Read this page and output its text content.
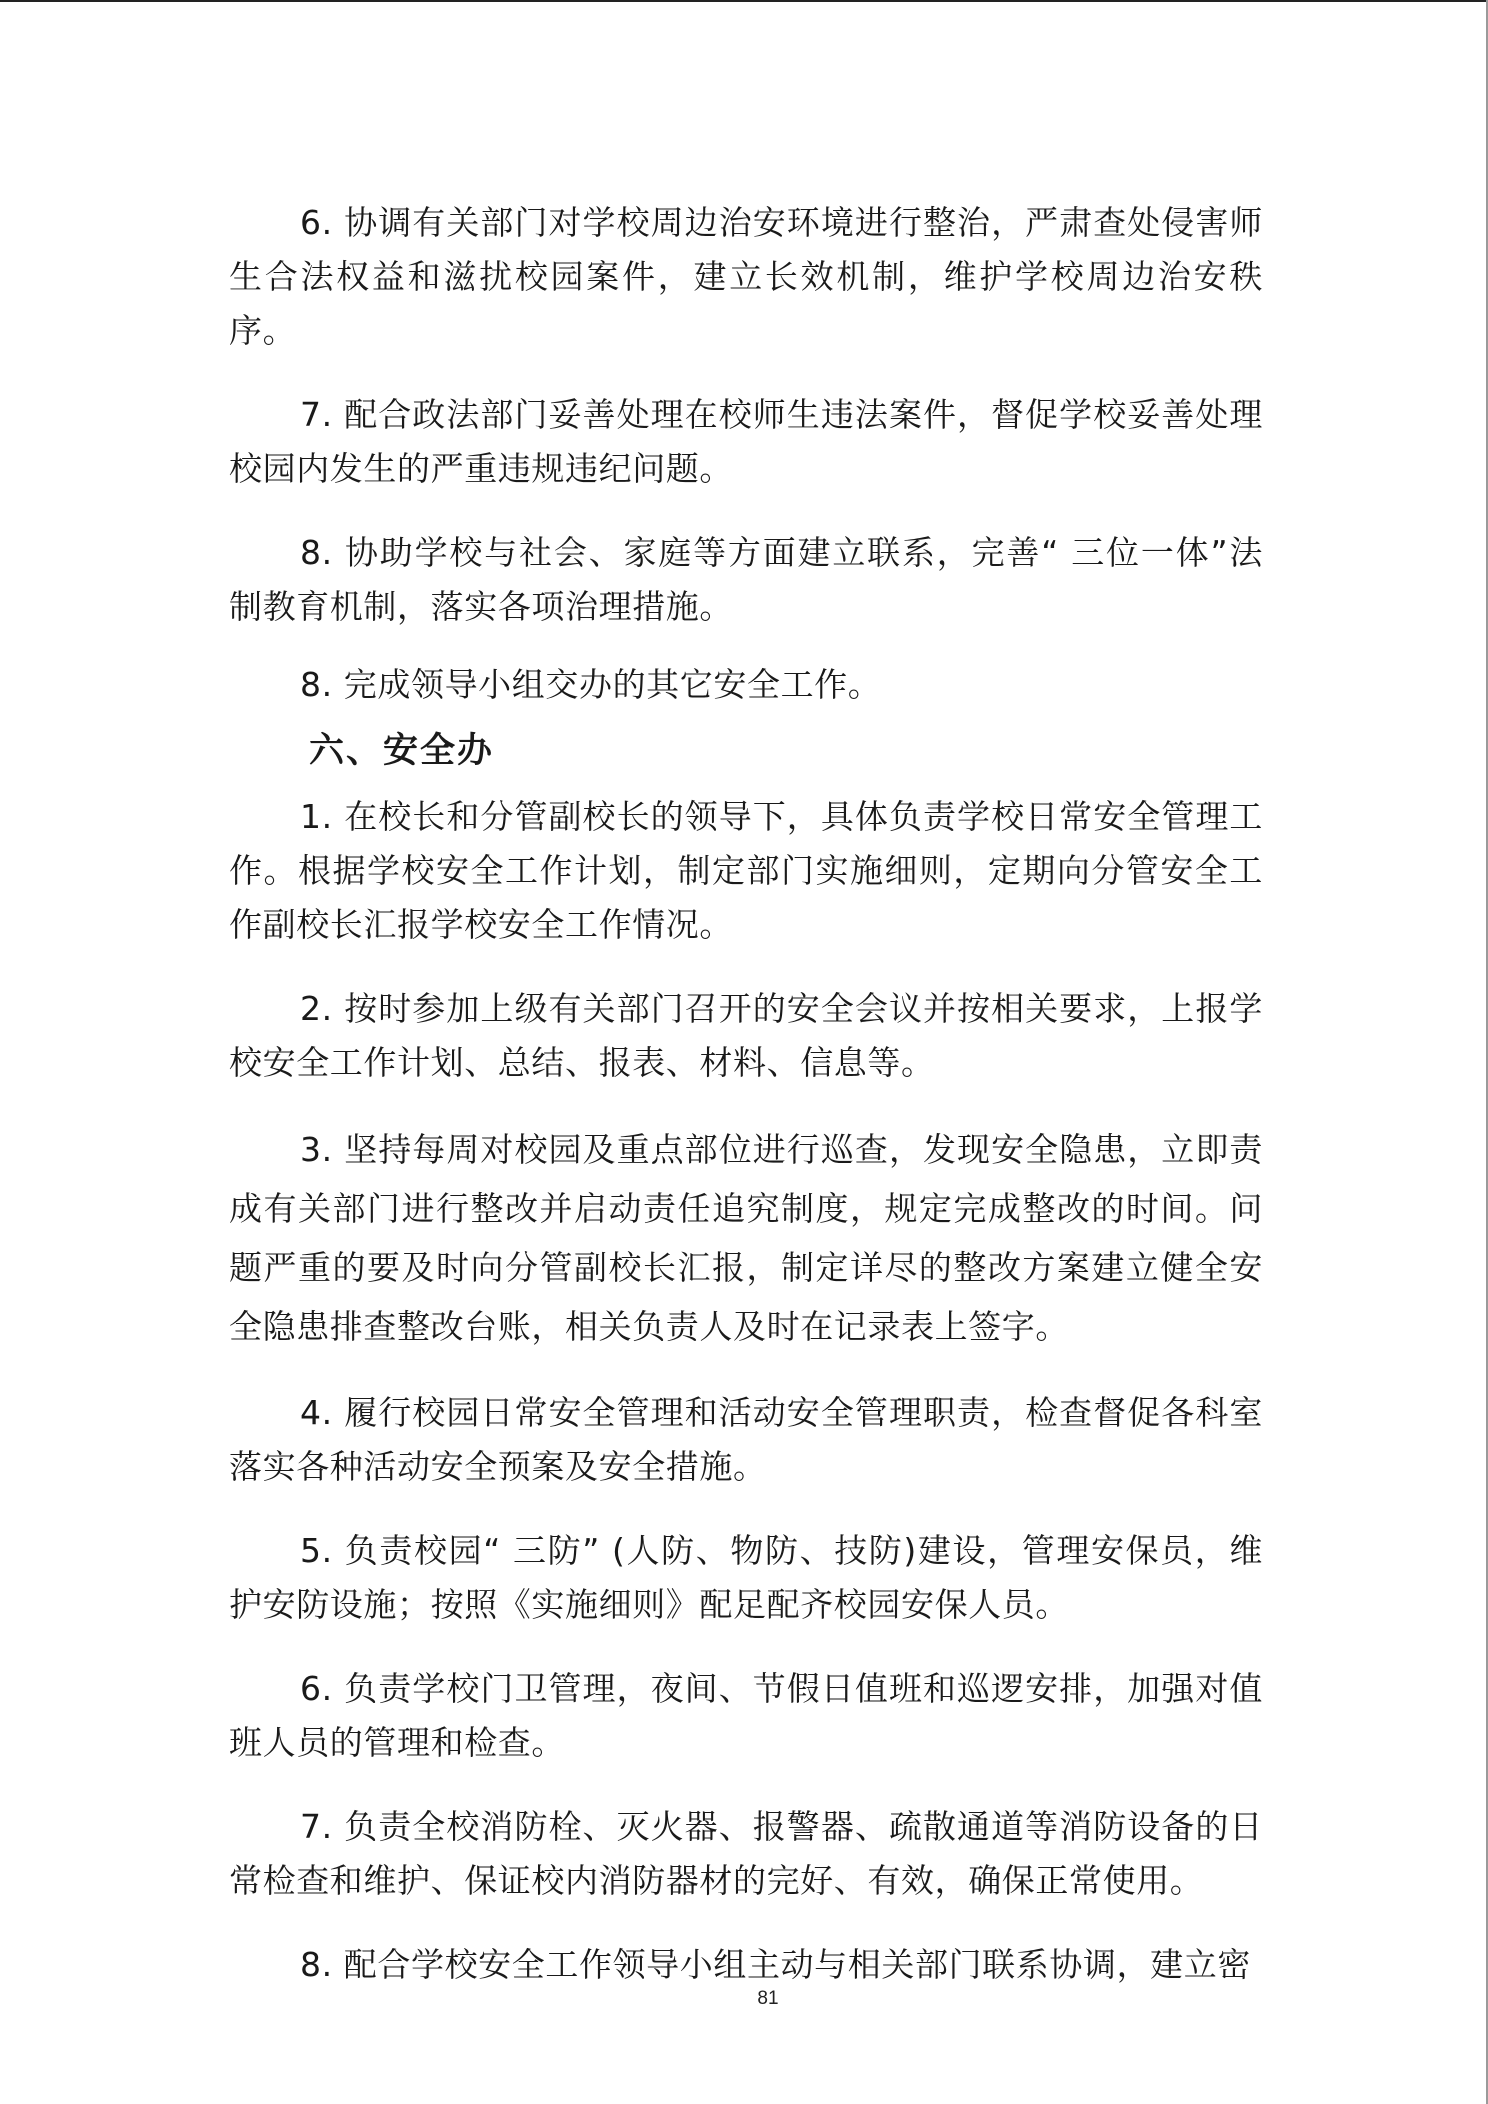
6. 协调有关部门对学校周边治安环境进行整治，严肃查处侵害师生合法权益和滋扰校园案件，建立长效机制，维护学校周边治安秩序。

7. 配合政法部门妥善处理在校师生违法案件，督促学校妥善处理校园内发生的严重违规违纪问题。

8. 协助学校与社会、家庭等方面建立联系，完善“ 三位一体”法制教育机制，落实各项治理措施。

8. 完成领导小组交办的其它安全工作。

六、安全办

1. 在校长和分管副校长的领导下，具体负责学校日常安全管理工作。根据学校安全工作计划，制定部门实施细则，定期向分管安全工作副校长汇报学校安全工作情况。

2. 按时参加上级有关部门召开的安全会议并按相关要求，上报学校安全工作计划、总结、报表、材料、信息等。

3. 坚持每周对校园及重点部位进行巡查，发现安全隐患，立即责成有关部门进行整改并启动责任追究制度，规定完成整改的时间。问题严重的要及时向分管副校长汇报，制定详尽的整改方案建立健全安全隐患排查整改台账，相关负责人及时在记录表上签字。

4. 履行校园日常安全管理和活动安全管理职责，检查督促各科室落实各种活动安全预案及安全措施。

5. 负责校园“ 三防” (人防、物防、技防)建设，管理安保员，维护安防设施；按照《实施细则》配足配齐校园安保人员。

6. 负责学校门卫管理，夜间、节假日值班和巡逻安排，加强对值班人员的管理和检查。

7. 负责全校消防栓、灭火器、报警器、疏散通道等消防设备的日常检查和维护、保证校内消防器材的完好、有效，确保正常使用。

8. 配合学校安全工作领导小组主动与相关部门联系协调，建立密

81
